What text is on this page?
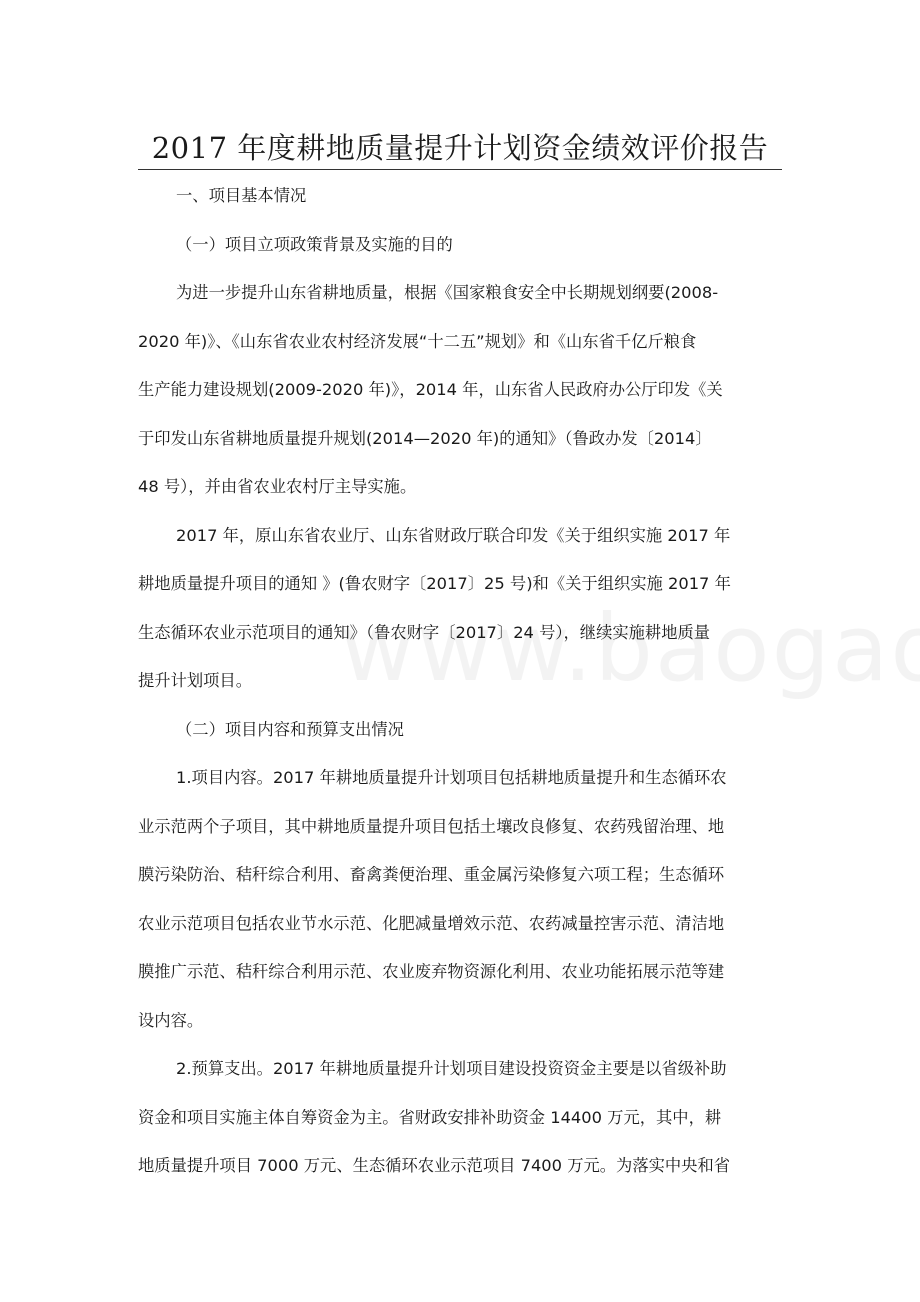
2017 年度耕地质量提升计划资金绩效评价报告
一、项目基本情况
（一）项目立项政策背景及实施的目的
为进一步提升山东省耕地质量，根据《国家粮食安全中长期规划纲要(2008-
2020 年)》、《山东省农业农村经济发展“十二五”规划》和《山东省千亿斤粮食
生产能力建设规划(2009-2020 年)》，2014 年，山东省人民政府办公厅印发《关
于印发山东省耕地质量提升规划(2014—2020 年)的通知》（鲁政办发〔2014〕
48 号），并由省农业农村厅主导实施。
2017 年，原山东省农业厅、山东省财政厅联合印发《关于组织实施 2017 年
耕地质量提升项目的通知 》(鲁农财字〔2017〕25 号)和《关于组织实施 2017 年
生态循环农业示范项目的通知》（鲁农财字〔2017〕24 号），继续实施耕地质量
提升计划项目。
（二）项目内容和预算支出情况
1.项目内容。2017 年耕地质量提升计划项目包括耕地质量提升和生态循环农
业示范两个子项目，其中耕地质量提升项目包括土壤改良修复、农药残留治理、地
膜污染防治、秸秆综合利用、畜禽粪便治理、重金属污染修复六项工程；生态循环
农业示范项目包括农业节水示范、化肥减量增效示范、农药减量控害示范、清洁地
膜推广示范、秸秆综合利用示范、农业废弃物资源化利用、农业功能拓展示范等建
设内容。
2.预算支出。2017 年耕地质量提升计划项目建设投资资金主要是以省级补助
资金和项目实施主体自筹资金为主。省财政安排补助资金 14400 万元，其中，耕
地质量提升项目 7000 万元、生态循环农业示范项目 7400 万元。为落实中央和省
